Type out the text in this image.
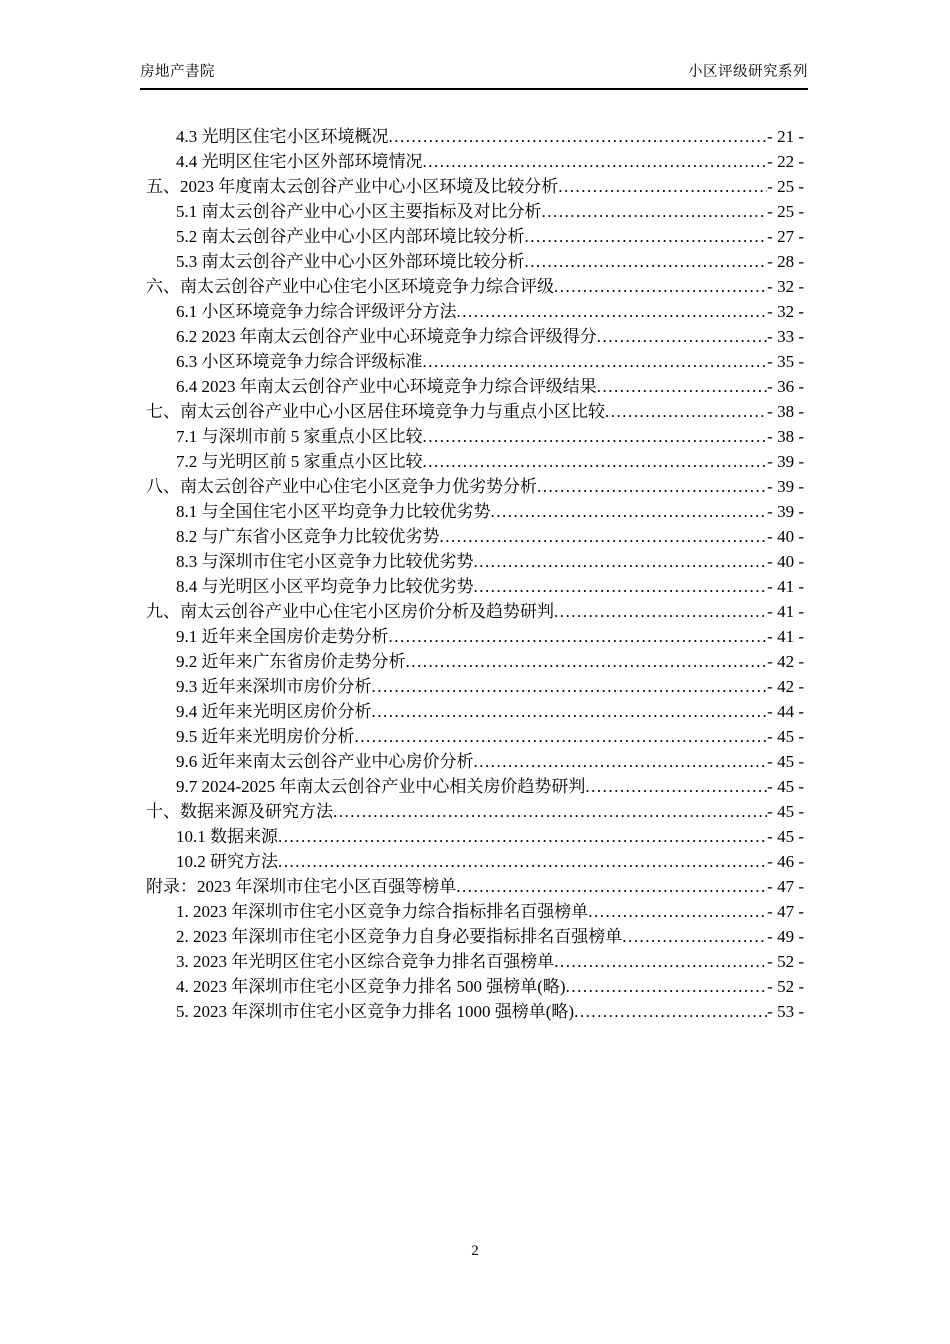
房地产書院	小区评级研究系列
4.3 光明区住宅小区环境概况 .....	- 21 -
4.4 光明区住宅小区外部环境情况 .....	- 22 -
五、2023 年度南太云创谷产业中心小区环境及比较分析 .....	- 25 -
5.1 南太云创谷产业中心小区主要指标及对比分析 .....	- 25 -
5.2 南太云创谷产业中心小区内部环境比较分析 .....	- 27 -
5.3 南太云创谷产业中心小区外部环境比较分析 .....	- 28 -
六、南太云创谷产业中心住宅小区环境竞争力综合评级 .....	- 32 -
6.1 小区环境竞争力综合评级评分方法 .....	- 32 -
6.2 2023 年南太云创谷产业中心环境竞争力综合评级得分 .....	- 33 -
6.3 小区环境竞争力综合评级标准 .....	- 35 -
6.4 2023 年南太云创谷产业中心环境竞争力综合评级结果 .....	- 36 -
七、南太云创谷产业中心小区居住环境竞争力与重点小区比较 .....	- 38 -
7.1 与深圳市前 5 家重点小区比较 .....	- 38 -
7.2 与光明区前 5 家重点小区比较 .....	- 39 -
八、南太云创谷产业中心住宅小区竞争力优劣势分析 .....	- 39 -
8.1 与全国住宅小区平均竞争力比较优劣势 .....	- 39 -
8.2 与广东省小区竞争力比较优劣势 .....	- 40 -
8.3 与深圳市住宅小区竞争力比较优劣势 .....	- 40 -
8.4 与光明区小区平均竞争力比较优劣势 .....	- 41 -
九、南太云创谷产业中心住宅小区房价分析及趋势研判 .....	- 41 -
9.1 近年来全国房价走势分析 .....	- 41 -
9.2 近年来广东省房价走势分析 .....	- 42 -
9.3 近年来深圳市房价分析 .....	- 42 -
9.4 近年来光明区房价分析 .....	- 44 -
9.5 近年来光明房价分析 .....	- 45 -
9.6 近年来南太云创谷产业中心房价分析 .....	- 45 -
9.7 2024-2025 年南太云创谷产业中心相关房价趋势研判 .....	- 45 -
十、数据来源及研究方法 .....	- 45 -
10.1 数据来源 .....	- 45 -
10.2 研究方法 .....	- 46 -
附录：2023 年深圳市住宅小区百强等榜单 .....	- 47 -
1. 2023 年深圳市住宅小区竞争力综合指标排名百强榜单 .....	- 47 -
2. 2023 年深圳市住宅小区竞争力自身必要指标排名百强榜单 .....	- 49 -
3. 2023 年光明区住宅小区综合竞争力排名百强榜单 .....	- 52 -
4. 2023 年深圳市住宅小区竞争力排名 500 强榜单(略) .....	- 52 -
5. 2023 年深圳市住宅小区竞争力排名 1000 强榜单(略) .....	- 53 -
2
